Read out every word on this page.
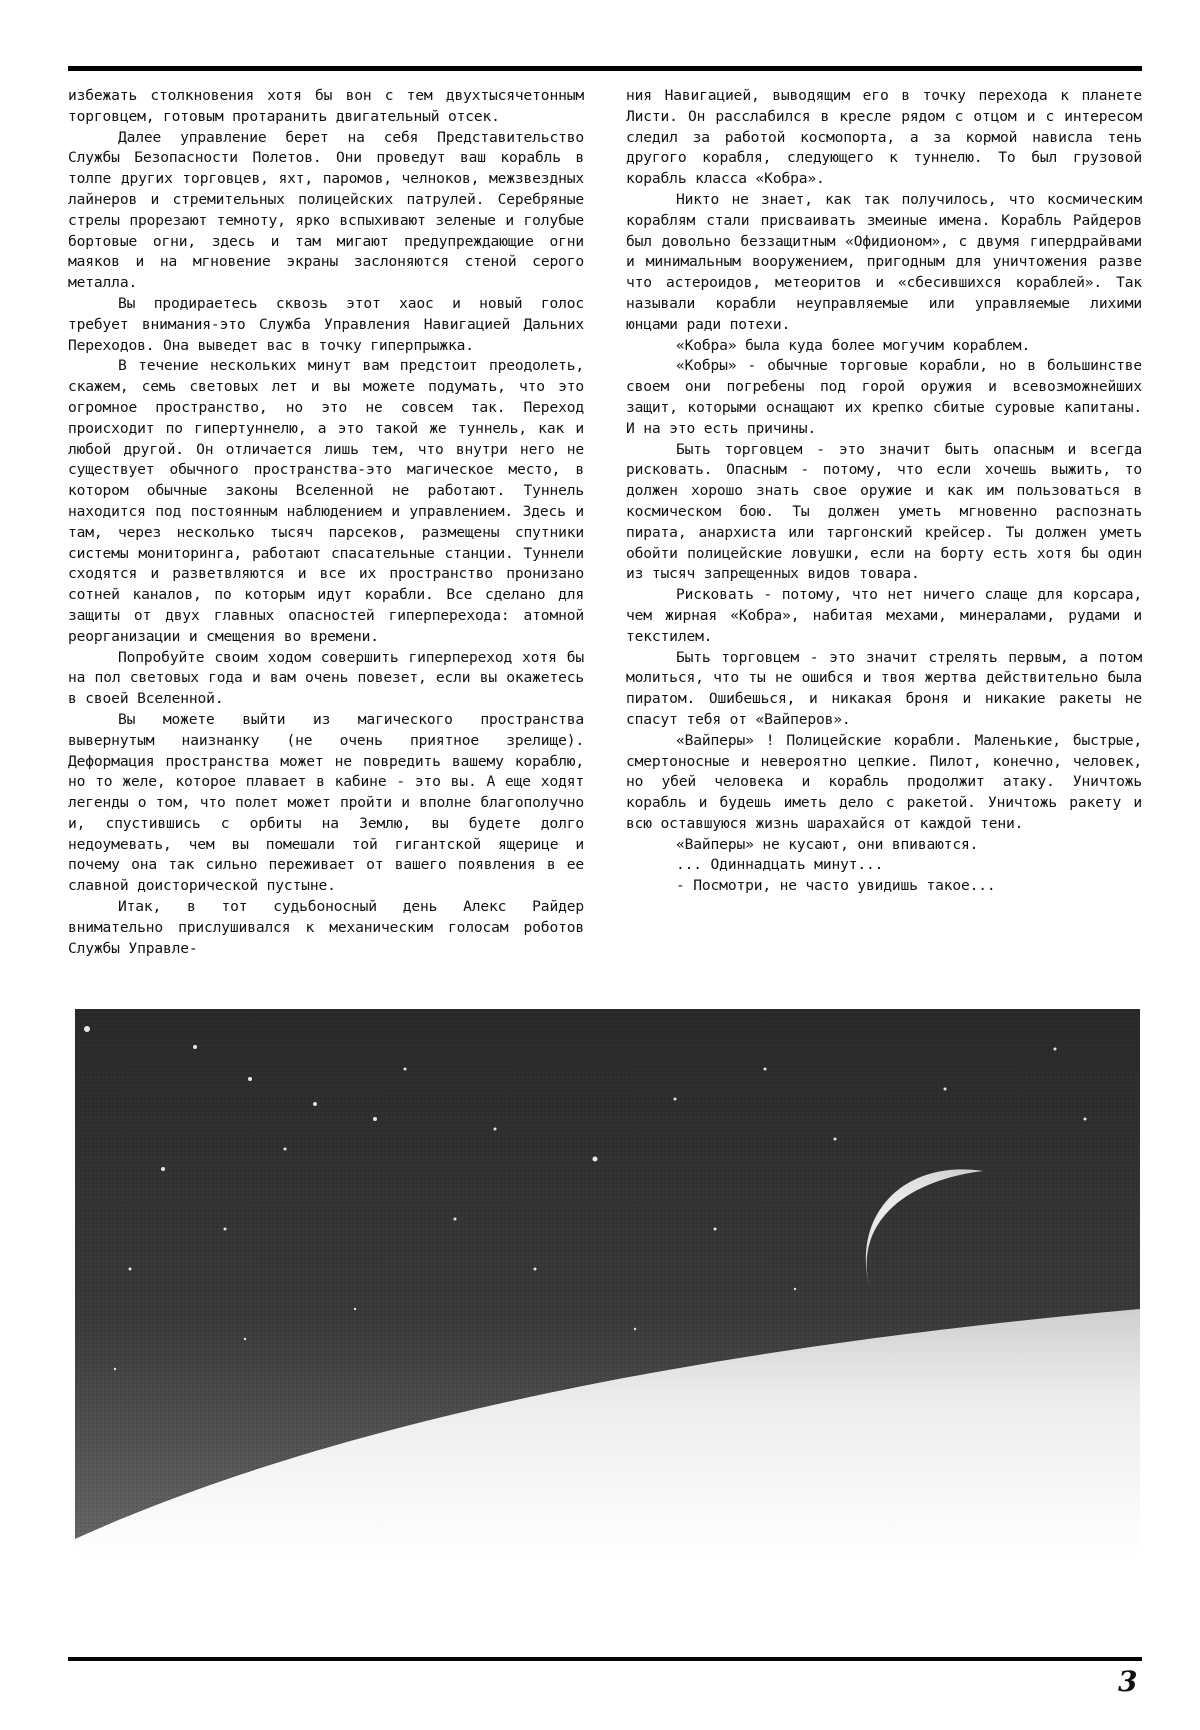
избежать столкновения хотя бы вон с тем двухтысячетонным торговцем, готовым протаранить двигательный отсек.

Далее управление берет на себя Представительство Службы Безопасности Полетов. Они проведут ваш корабль в толпе других торговцев, яхт, паромов, челноков, межзвездных лайнеров и стремительных полицейских патрулей. Серебряные стрелы прорезают темноту, ярко вспыхивают зеленые и голубые бортовые огни, здесь и там мигают предупреждающие огни маяков и на мгновение экраны заслоняются стеной серого металла.

Вы продираетесь сквозь этот хаос и новый голос требует внимания-это Служба Управления Навигацией Дальних Переходов. Она выведет вас в точку гиперпрыжка.

В течение нескольких минут вам предстоит преодолеть, скажем, семь световых лет и вы можете подумать, что это огромное пространство, но это не совсем так. Переход происходит по гипертуннелю, а это такой же туннель, как и любой другой. Он отличается лишь тем, что внутри него не существует обычного пространства-это магическое место, в котором обычные законы Вселенной не работают. Туннель находится под постоянным наблюдением и управлением. Здесь и там, через несколько тысяч парсеков, размещены спутники системы мониторинга, работают спасательные станции. Туннели сходятся и разветвляются и все их пространство пронизано сотней каналов, по которым идут корабли. Все сделано для защиты от двух главных опасностей гиперперехода: атомной реорганизации и смещения во времени.

Попробуйте своим ходом совершить гиперпереход хотя бы на пол световых года и вам очень повезет, если вы окажетесь в своей Вселенной.

Вы можете выйти из магического пространства вывернутым наизнанку (не очень приятное зрелище). Деформация пространства может не повредить вашему кораблю, но то желе, которое плавает в кабине - это вы. А еще ходят легенды о том, что полет может пройти и вполне благополучно и, спустившись с орбиты на Землю, вы будете долго недоумевать, чем вы помешали той гигантской ящерице и почему она так сильно переживает от вашего появления в ее славной доисторической пустыне.

Итак, в тот судьбоносный день Алекс Райдер внимательно прислушивался к механическим голосам роботов Службы Управле-

ния Навигацией, выводящим его в точку перехода к планете Листи. Он расслабился в кресле рядом с отцом и с интересом следил за работой космопорта, а за кормой нависла тень другого корабля, следующего к туннелю. То был грузовой корабль класса «Кобра».

Никто не знает, как так получилось, что космическим кораблям стали присваивать змеиные имена. Корабль Райдеров был довольно беззащитным «Офидионом», с двумя гипердрайвами и минимальным вооружением, пригодным для уничтожения разве что астероидов, метеоритов и «сбесившихся кораблей». Так называли корабли неуправляемые или управляемые лихими юнцами ради потехи.

«Кобра» была куда более могучим кораблем.

«Кобры» - обычные торговые корабли, но в большинстве своем они погребены под горой оружия и всевозможнейших защит, которыми оснащают их крепко сбитые суровые капитаны. И на это есть причины.

Быть торговцем - это значит быть опасным и всегда рисковать. Опасным - потому, что если хочешь выжить, то должен хорошо знать свое оружие и как им пользоваться в космическом бою. Ты должен уметь мгновенно распознать пирата, анархиста или таргонский крейсер. Ты должен уметь обойти полицейские ловушки, если на борту есть хотя бы один из тысяч запрещенных видов товара.

Рисковать - потому, что нет ничего слаще для корсара, чем жирная «Кобра», набитая мехами, минералами, рудами и текстилем.

Быть торговцем - это значит стрелять первым, а потом молиться, что ты не ошибся и твоя жертва действительно была пиратом. Ошибешься, и никакая броня и никакие ракеты не спасут тебя от «Вайперов».

«Вайперы» ! Полицейские корабли. Маленькие, быстрые, смертоносные и невероятно цепкие. Пилот, конечно, человек, но убей человека и корабль продолжит атаку. Уничтожь корабль и будешь иметь дело с ракетой. Уничтожь ракету и всю оставшуюся жизнь шарахайся от каждой тени.

«Вайперы» не кусают, они впиваются.

... Одиннадцать минут...

- Посмотри, не часто увидишь такое...

3
